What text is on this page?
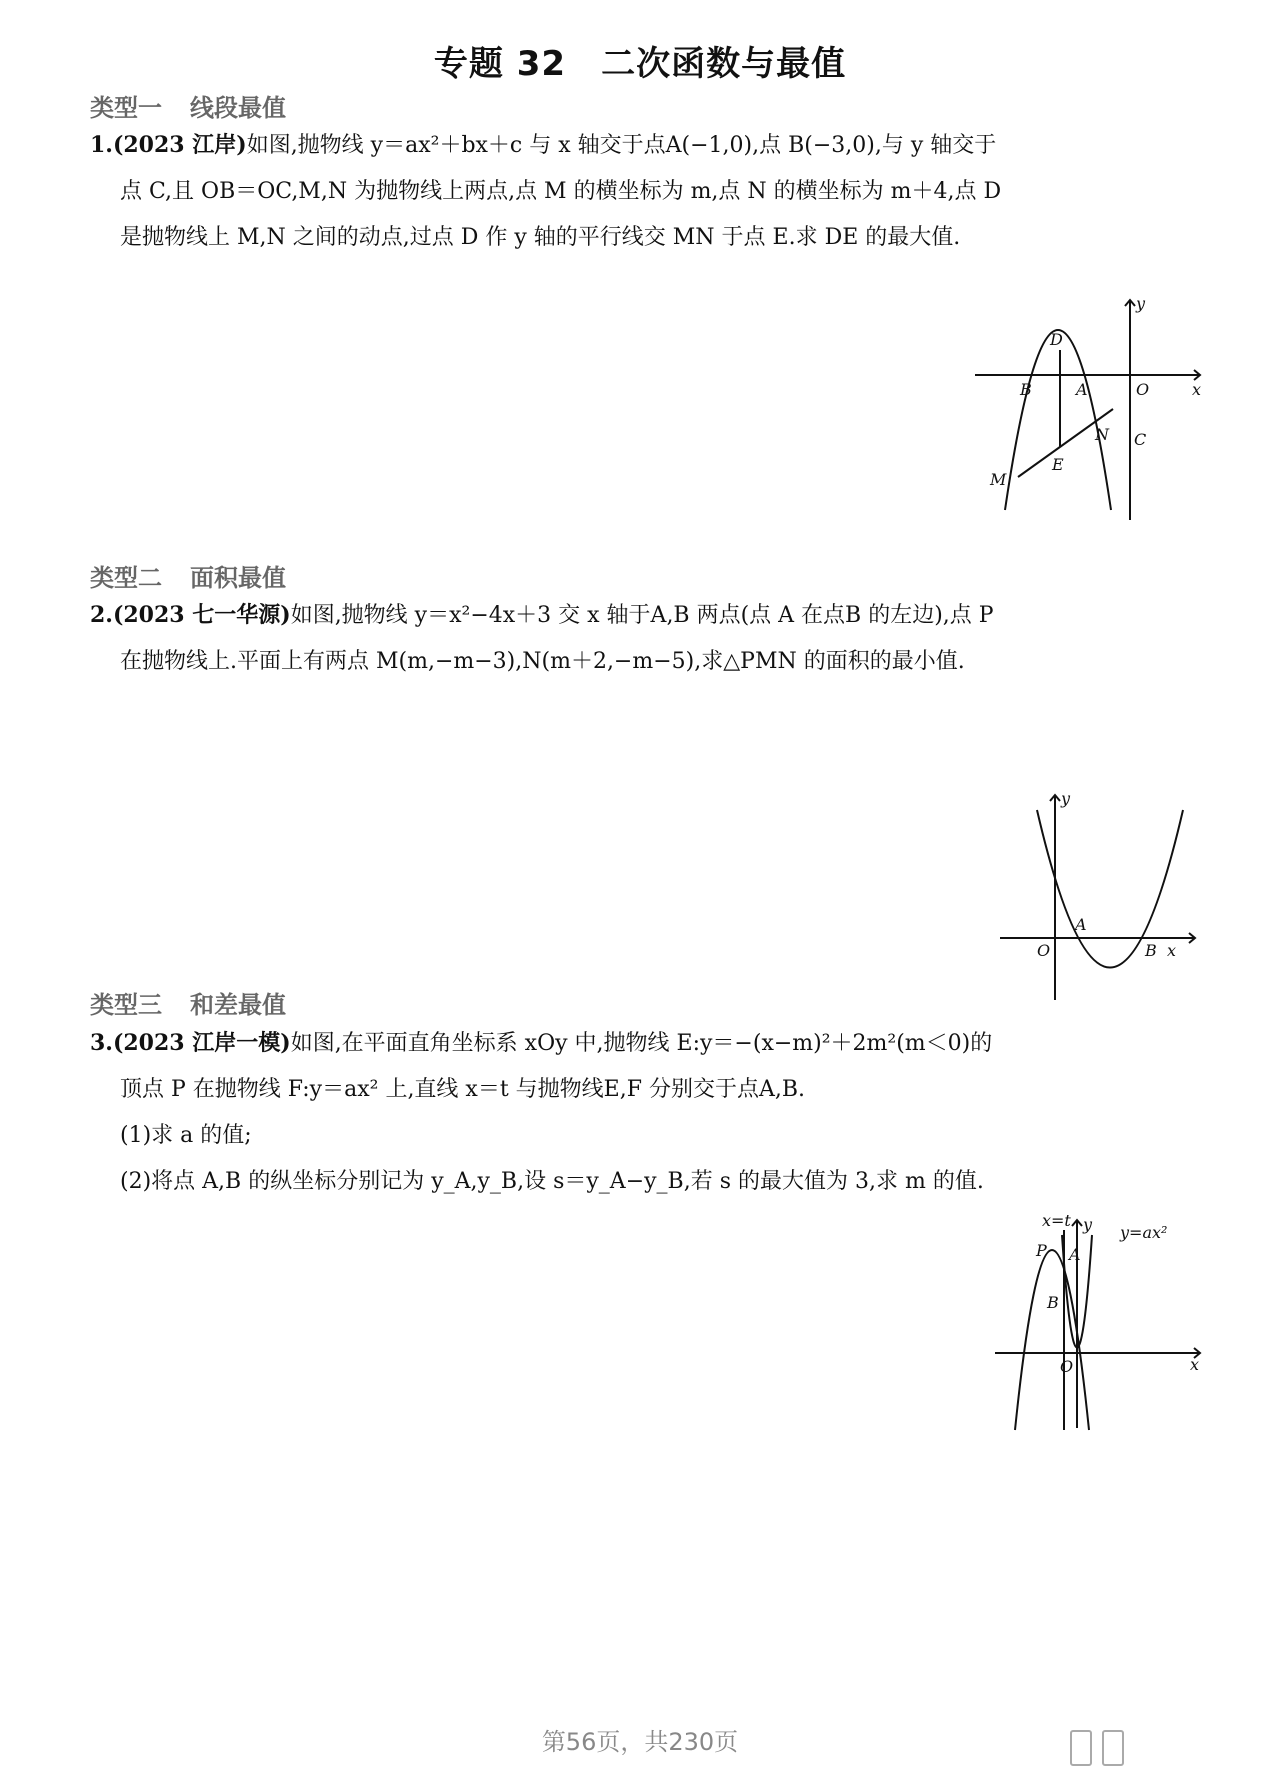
专题 32　二次函数与最值
类型一 线段最值
1.(2023 江岸)如图,抛物线 y＝ax²＋bx＋c 与 x 轴交于点A(−1,0),点 B(−3,0),与 y 轴交于
点 C,且 OB＝OC,M,N 为抛物线上两点,点 M 的横坐标为 m,点 N 的横坐标为 m＋4,点 D
是抛物线上 M,N 之间的动点,过点 D 作 y 轴的平行线交 MN 于点 E.求 DE 的最大值.
y
D
B	A	O	x
N C
E
M
类型二 面积最值
2.(2023 七一华源)如图,抛物线 y＝x²−4x＋3 交 x 轴于A,B 两点(点 A 在点B 的左边),点 P
在抛物线上.平面上有两点 M(m,−m−3),N(m＋2,−m−5),求△PMN 的面积的最小值.
y
A
O	B x
类型三 和差最值
3.(2023 江岸一模)如图,在平面直角坐标系 xOy 中,抛物线 E:y＝−(x−m)²＋2m²(m＜0)的
顶点 P 在抛物线 F:y＝ax² 上,直线 x＝t 与抛物线E,F 分别交于点A,B.
(1)求 a 的值;
(2)将点 A,B 的纵坐标分别记为 y_A,y_B,设 s＝y_A−y_B,若 s 的最大值为 3,求 m 的值.
x=t y y=ax²
P A
B
O	x
第56页，共230页
